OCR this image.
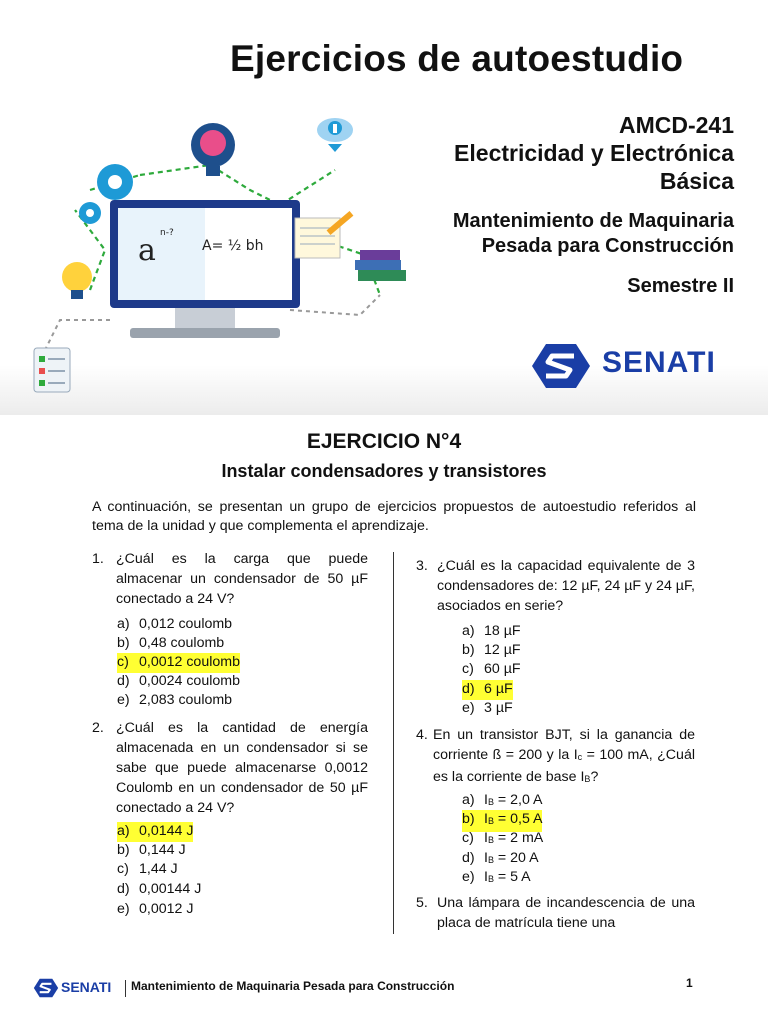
a n-?
A= ½ bh
Ejercicios de autoestudio
AMCD-241
Electricidad y Electrónica
Básica
Mantenimiento de Maquinaria
Pesada para Construcción
Semestre II
SENATI
EJERCICIO N°4
Instalar condensadores y transistores
A continuación, se presentan un grupo de ejercicios propuestos de autoestudio referidos al tema de la unidad y que complementa el aprendizaje.
1. ¿Cuál es la carga que puede almacenar un condensador de 50 µF conectado a 24 V?
a) 0,012 coulomb
b) 0,48 coulomb
c) 0,0012 coulomb
d) 0,0024 coulomb
e) 2,083 coulomb
2. ¿Cuál es la cantidad de energía almacenada en un condensador si se sabe que puede almacenarse 0,0012 Coulomb en un condensador de 50 µF conectado a 24 V?
a) 0,0144 J
b) 0,144 J
c) 1,44 J
d) 0,00144 J
e) 0,0012 J
3. ¿Cuál es la capacidad equivalente de 3 condensadores de: 12 µF, 24 µF y 24 µF, asociados en serie?
a) 18 µF
b) 12 µF
c) 60 µF
d) 6 µF
e) 3 µF
4. En un transistor BJT, si la ganancia de corriente ß = 200 y la $I_c = 100$ mA, ¿Cuál es la corriente de base $I_B$?
a) $I_B = 2,0$ A
b) $I_B = 0,5$ A
c) $I_B = 2$ mA
d) $I_B = 20$ A
e) $I_B = 5$ A
5. Una lámpara de incandescencia de una placa de matrícula tiene una
SENATI Mantenimiento de Maquinaria Pesada para Construcción	1
